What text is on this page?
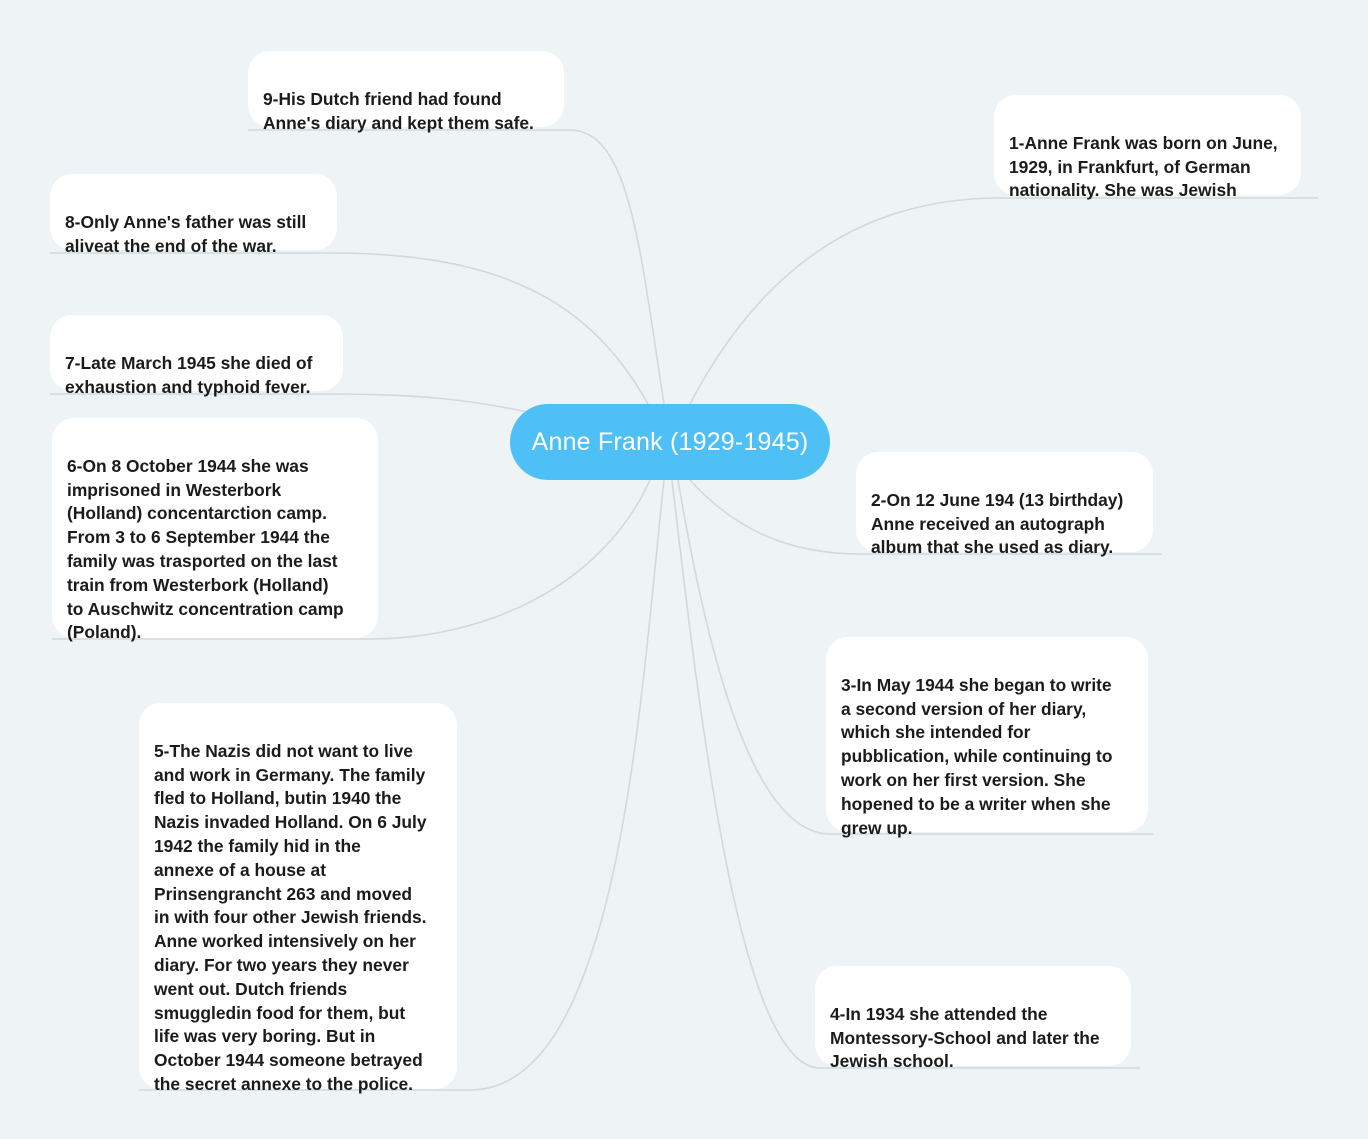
Anne Frank (1929-1945)

9-His Dutch friend had found
Anne's diary and kept them safe.

8-Only Anne's father was still
aliveat the end of the war.

7-Late March 1945 she died of
exhaustion and typhoid fever.

6-On 8 October 1944 she was
imprisoned in Westerbork
(Holland) concentarction camp.
From 3 to 6 September 1944 the
family was trasported on the last
train from Westerbork (Holland)
to Auschwitz concentration camp
(Poland).

5-The Nazis did not want to live
and work in Germany. The family
fled to Holland, butin 1940 the
Nazis invaded Holland. On 6 July
1942 the family hid in the
annexe of a house at
Prinsengrancht 263 and moved
in with four other Jewish friends.
Anne worked intensively on her
diary. For two years they never
went out. Dutch friends
smuggledin food for them, but
life was very boring. But in
October 1944 someone betrayed
the secret annexe to the police.

1-Anne Frank was born on June,
1929, in Frankfurt, of German
nationality. She was Jewish

2-On 12 June 194 (13 birthday)
Anne received an autograph
album that she used as diary.

3-In May 1944 she began to write
a second version of her diary,
which she intended for
pubblication, while continuing to
work on her first version. She
hopened to be a writer when she
grew up.

4-In 1934 she attended the
Montessory-School and later the
Jewish school.
